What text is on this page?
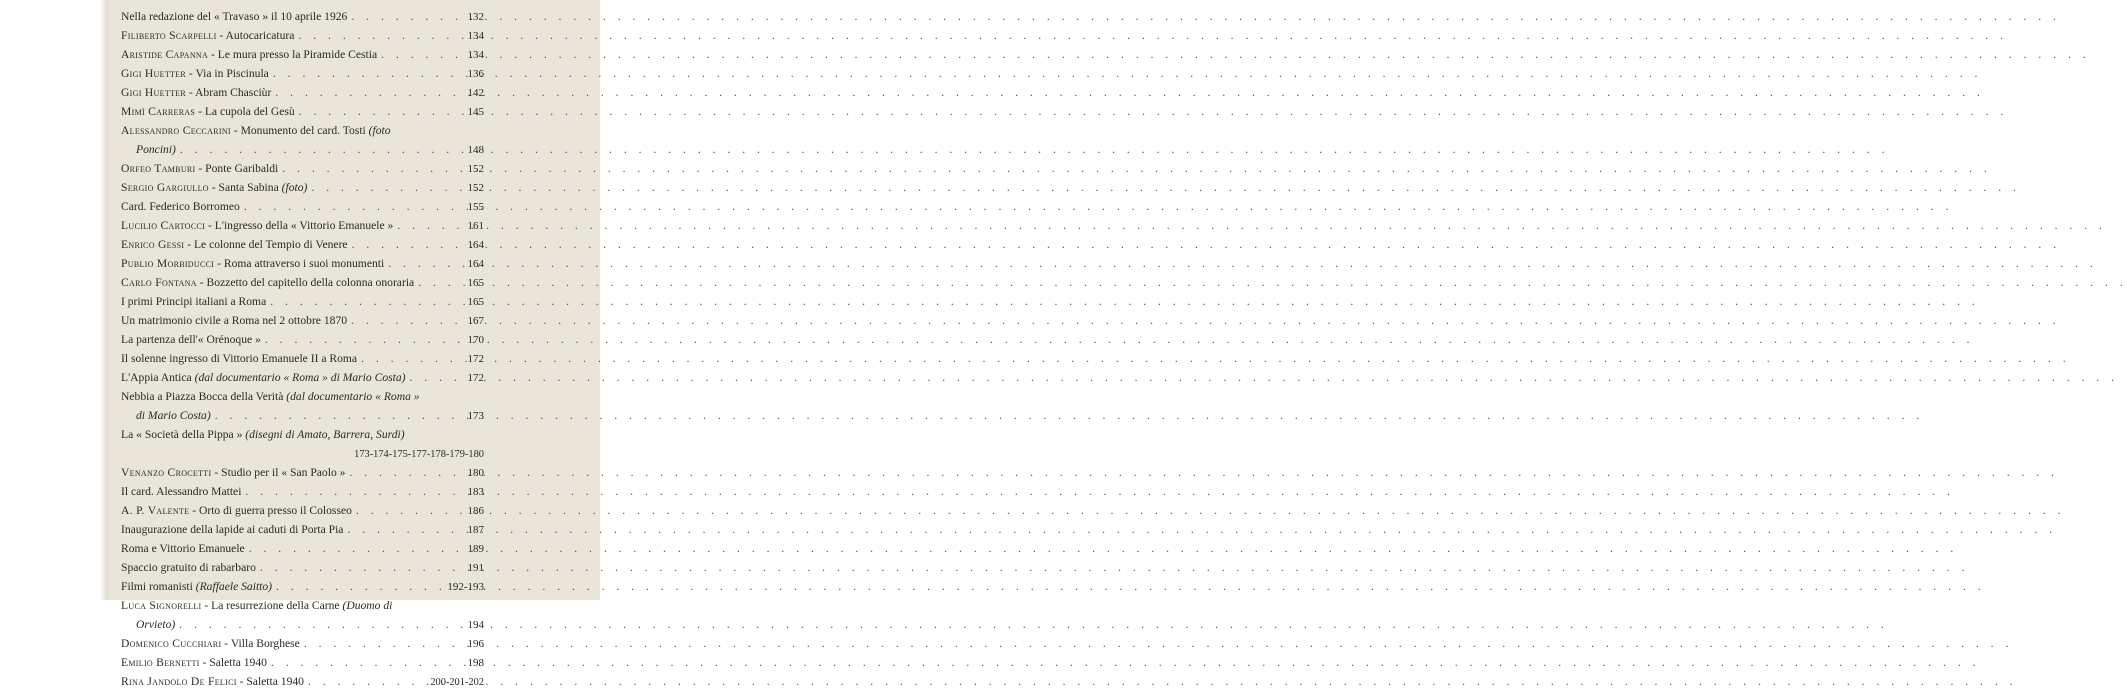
Nella redazione del « Travaso » il 10 aprile 1926 . . .	132
Filiberto Scarpelli - Autocaricatura . . .	134
Aristide Capanna - Le mura presso la Piramide Cestia . . .	134
Gigi Huetter - Via in Piscinula . . .	136
Gigi Huetter - Abram Chasciùr . . .	142
Mimì Carreras - La cupola del Gesù . . .	145
Alessandro Ceccarini - Monumento del card. Tosti (foto
Poncini) . . .	148
Orfeo Tamburi - Ponte Garibaldi . . .	152
Sergio Gargiullo - Santa Sabina (foto) . . .	152
Card. Federico Borromeo . . .	155
Lucilio Cartocci - L'ingresso della « Vittorio Emanuele » . . .	161
Enrico Gessi - Le colonne del Tempio di Venere . . .	164
Publio Morbiducci - Roma attraverso i suoi monumenti . . .	164
Carlo Fontana - Bozzetto del capitello della colonna onoraria . . .	165
I primi Principi italiani a Roma . . .	165
Un matrimonio civile a Roma nel 2 ottobre 1870 . . .	167
La partenza dell'« Orénoque » . . .	170
Il solenne ingresso di Vittorio Emanuele II a Roma . . .	172
L'Appia Antica (dal documentario « Roma » di Mario Costa) . . .	172
Nebbia a Piazza Bocca della Verità (dal documentario « Roma »
di Mario Costa) . . .	173
La « Società della Pippa » (disegni di Amato, Barrera, Surdi)
173-174-175-177-178-179-180
Venanzo Crocetti - Studio per il « San Paolo » . . .	180
Il card. Alessandro Mattei . . .	183
A. P. Valente - Orto di guerra presso il Colosseo . . .	186
Inaugurazione della lapide ai caduti di Porta Pia . . .	187
Roma e Vittorio Emanuele . . .	189
Spaccio gratuito di rabarbaro . . .	191
Filmi romanisti (Raffaele Saitto) . . .	192-193
Luca Signorelli - La resurrezione della Carne (Duomo di
Orvieto) . . .	194
Domenico Cucchiari - Villa Borghese . . .	196
Emilio Bernetti - Saletta 1940 . . .	198
Rina Jandolo De Felici - Saletta 1940 . . .	200-201-202
